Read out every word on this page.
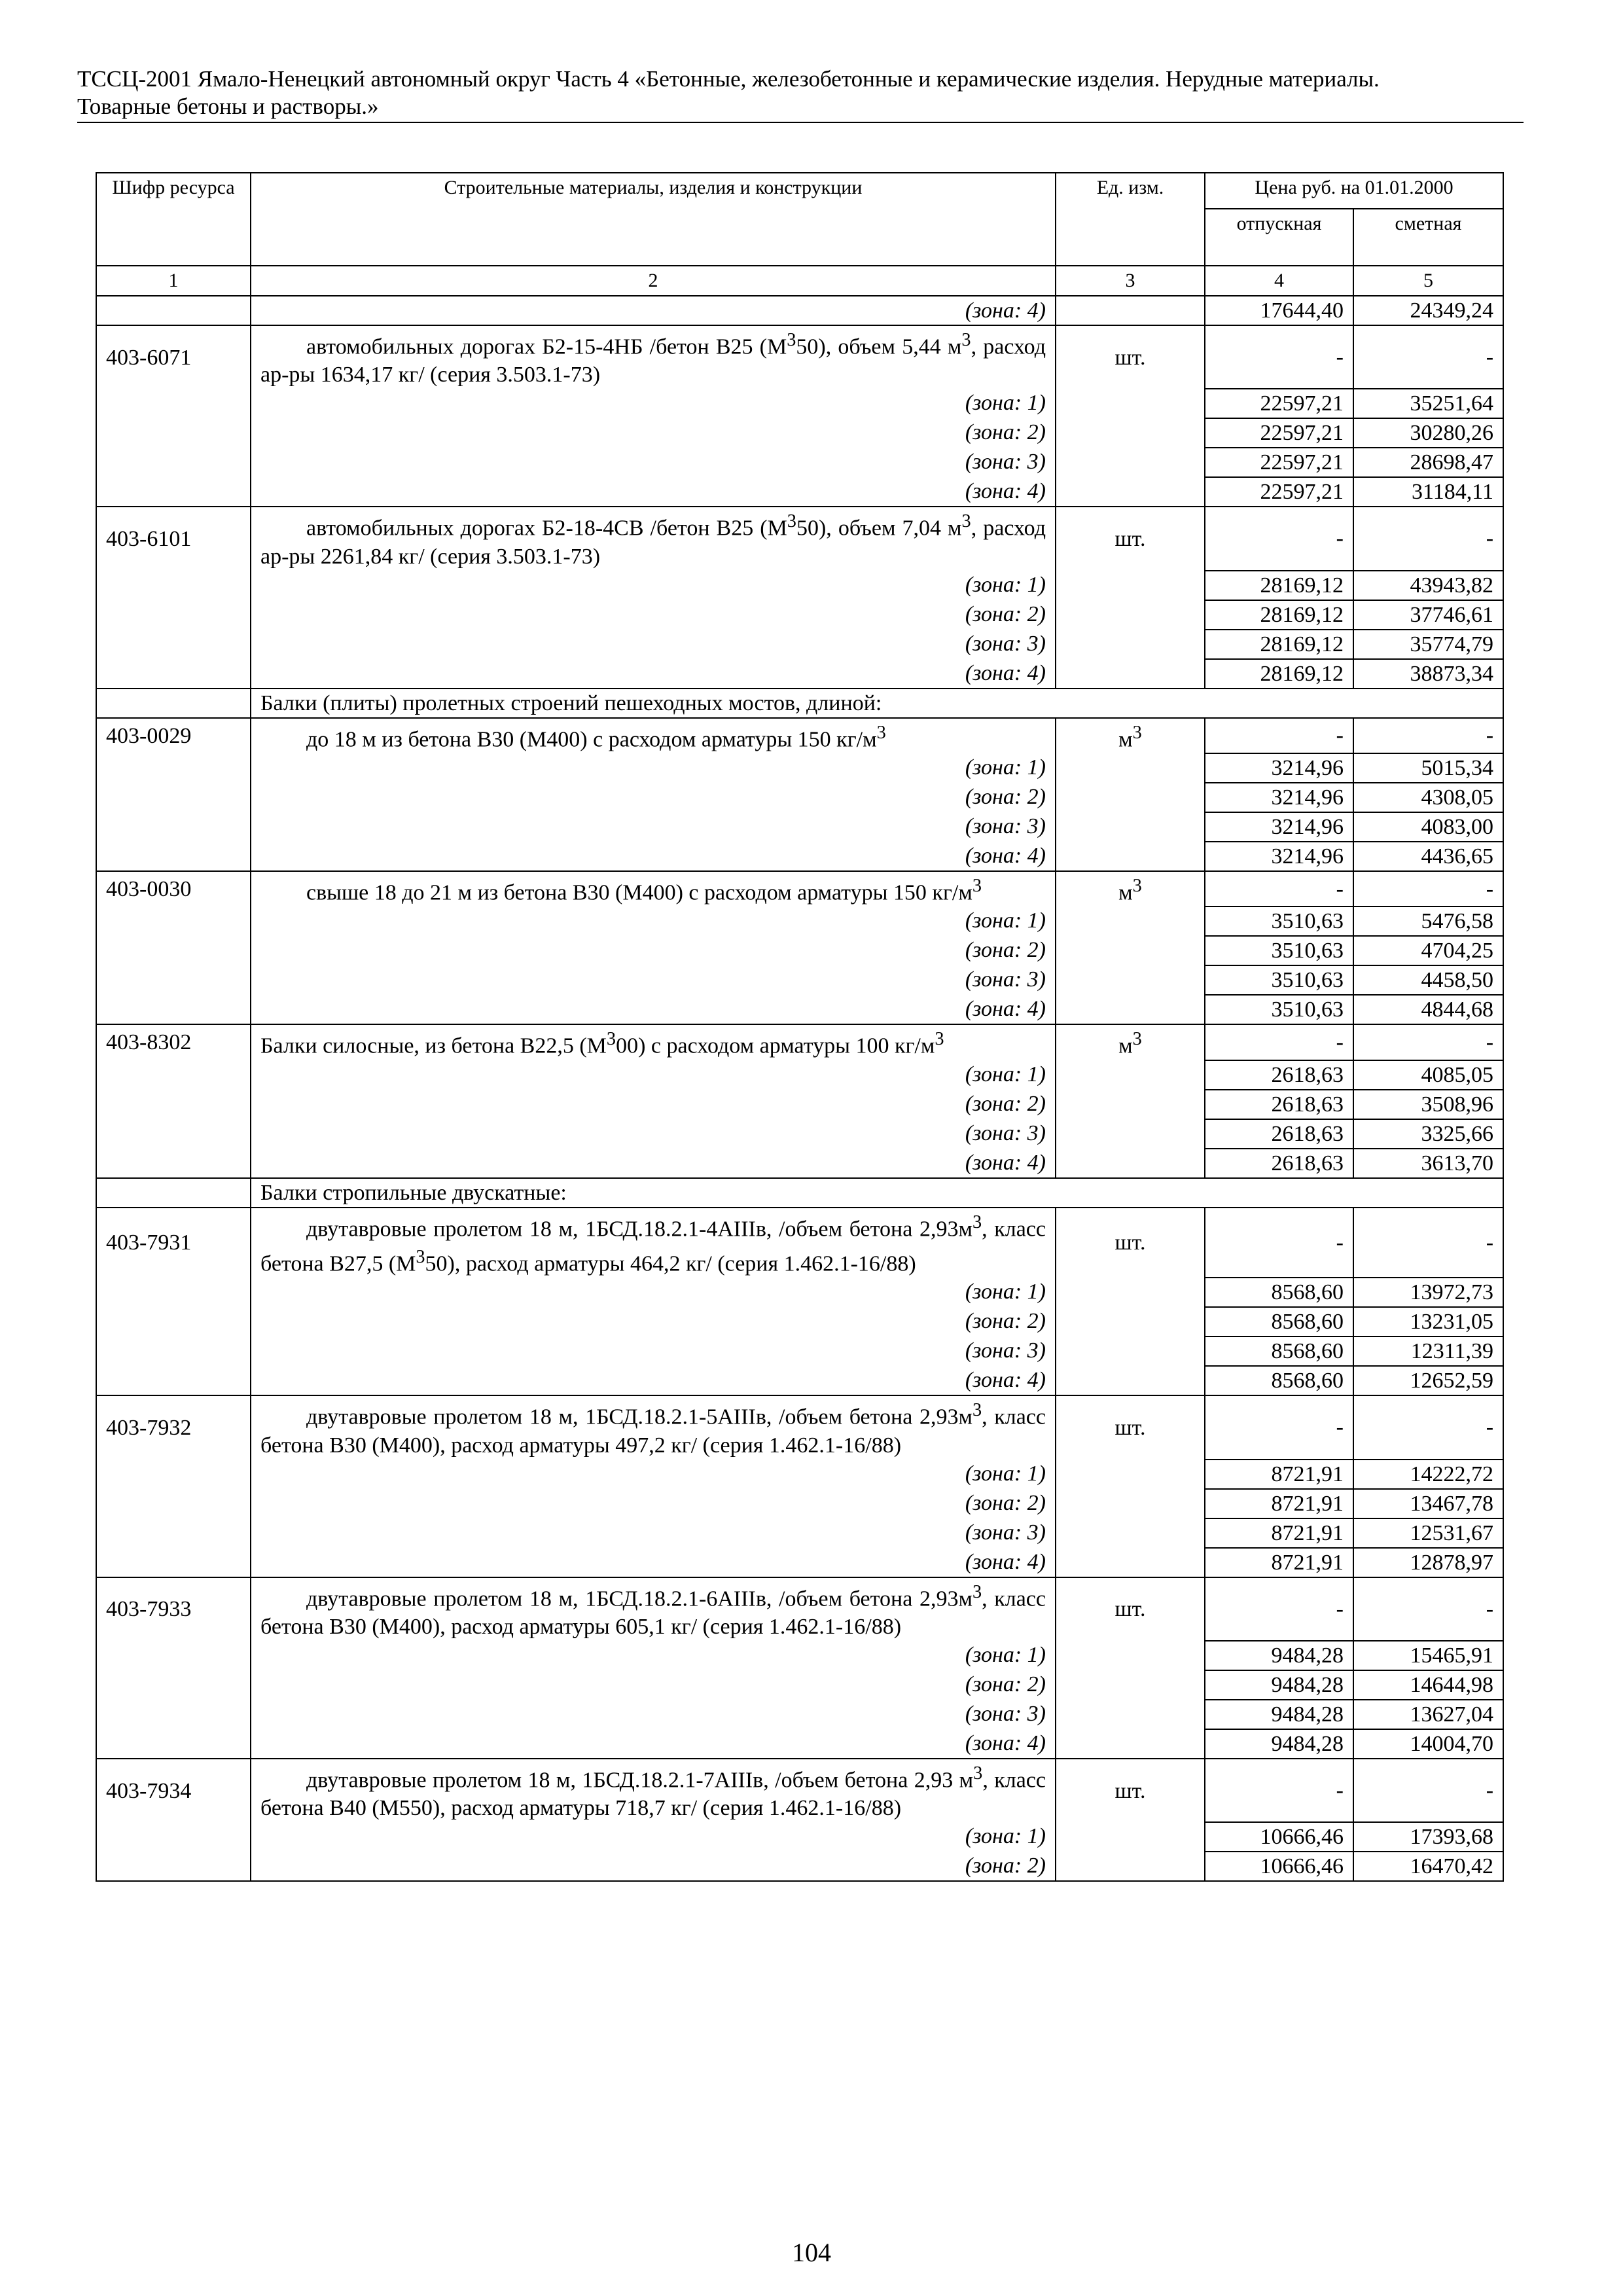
ТССЦ-2001 Ямало-Ненецкий автономный округ Часть 4 «Бетонные, железобетонные и керамические изделия. Нерудные материалы.
Товарные бетоны и растворы.»
Шифр ресурса	Строительные материалы, изделия и конструкции	Ед. изм.	Цена руб. на 01.01.2000	
			отпускная	сметная
1	2	3	4	5
	(зона: 4)		17644,40	24349,24
403-6071	автомобильных дорогах Б2-15-4НБ /бетон В25 $(М^350)$, объем 5,44 $м^3$, расход ар-ры 1634,17 кг/ (серия 3.503.1-73)	шт.	-	-
	(зона: 1)		22597,21	35251,64
	(зона: 2)		22597,21	30280,26
	(зона: 3)		22597,21	28698,47
	(зона: 4)		22597,21	31184,11
403-6101	автомобильных дорогах Б2-18-4СВ /бетон В25 $(М^350)$, объем 7,04 $м^3$, расход ар-ры 2261,84 кг/ (серия 3.503.1-73)	шт.	-	-
	(зона: 1)		28169,12	43943,82
	(зона: 2)		28169,12	37746,61
	(зона: 3)		28169,12	35774,79
	(зона: 4)		28169,12	38873,34
	Балки (плиты) пролетных строений пешеходных мостов, длиной:			
403-0029	до 18 м из бетона В30 (М400) с расходом арматуры 150 $кг/м^3$	$м^3$	-	-
	(зона: 1)		3214,96	5015,34
	(зона: 2)		3214,96	4308,05
	(зона: 3)		3214,96	4083,00
	(зона: 4)		3214,96	4436,65
403-0030	свыше 18 до 21 м из бетона В30 (М400) с расходом арматуры 150 $кг/м^3$	$м^3$	-	-
	(зона: 1)		3510,63	5476,58
	(зона: 2)		3510,63	4704,25
	(зона: 3)		3510,63	4458,50
	(зона: 4)		3510,63	4844,68
403-8302	Балки силосные, из бетона В22,5 $(М^300)$ с расходом арматуры 100 $кг/м^3$	$м^3$	-	-
	(зона: 1)		2618,63	4085,05
	(зона: 2)		2618,63	3508,96
	(зона: 3)		2618,63	3325,66
	(зона: 4)		2618,63	3613,70
	Балки стропильные двускатные:			
403-7931	двутавровые пролетом 18 м, 1БСД.18.2.1-4АIIIв, /объем бетона $2,93м^3$, класс бетона В27,5 $(М^350)$, расход арматуры 464,2 кг/ (серия 1.462.1-16/88)	шт.	-	-
	(зона: 1)		8568,60	13972,73
	(зона: 2)		8568,60	13231,05
	(зона: 3)		8568,60	12311,39
	(зона: 4)		8568,60	12652,59
403-7932	двутавровые пролетом 18 м, 1БСД.18.2.1-5АIIIв, /объем бетона $2,93м^3$, класс бетона В30 (М400), расход арматуры 497,2 кг/ (серия 1.462.1-16/88)	шт.	-	-
	(зона: 1)		8721,91	14222,72
	(зона: 2)		8721,91	13467,78
	(зона: 3)		8721,91	12531,67
	(зона: 4)		8721,91	12878,97
403-7933	двутавровые пролетом 18 м, 1БСД.18.2.1-6АIIIв, /объем бетона $2,93м^3$, класс бетона В30 (М400), расход арматуры 605,1 кг/ (серия 1.462.1-16/88)	шт.	-	-
	(зона: 1)		9484,28	15465,91
	(зона: 2)		9484,28	14644,98
	(зона: 3)		9484,28	13627,04
	(зона: 4)		9484,28	14004,70
403-7934	двутавровые пролетом 18 м, 1БСД.18.2.1-7АIIIв, /объем бетона 2,93 $м^3$, класс бетона В40 (М550), расход арматуры 718,7 кг/ (серия 1.462.1-16/88)	шт.	-	-
	(зона: 1)		10666,46	17393,68
	(зона: 2)		10666,46	16470,42
104
